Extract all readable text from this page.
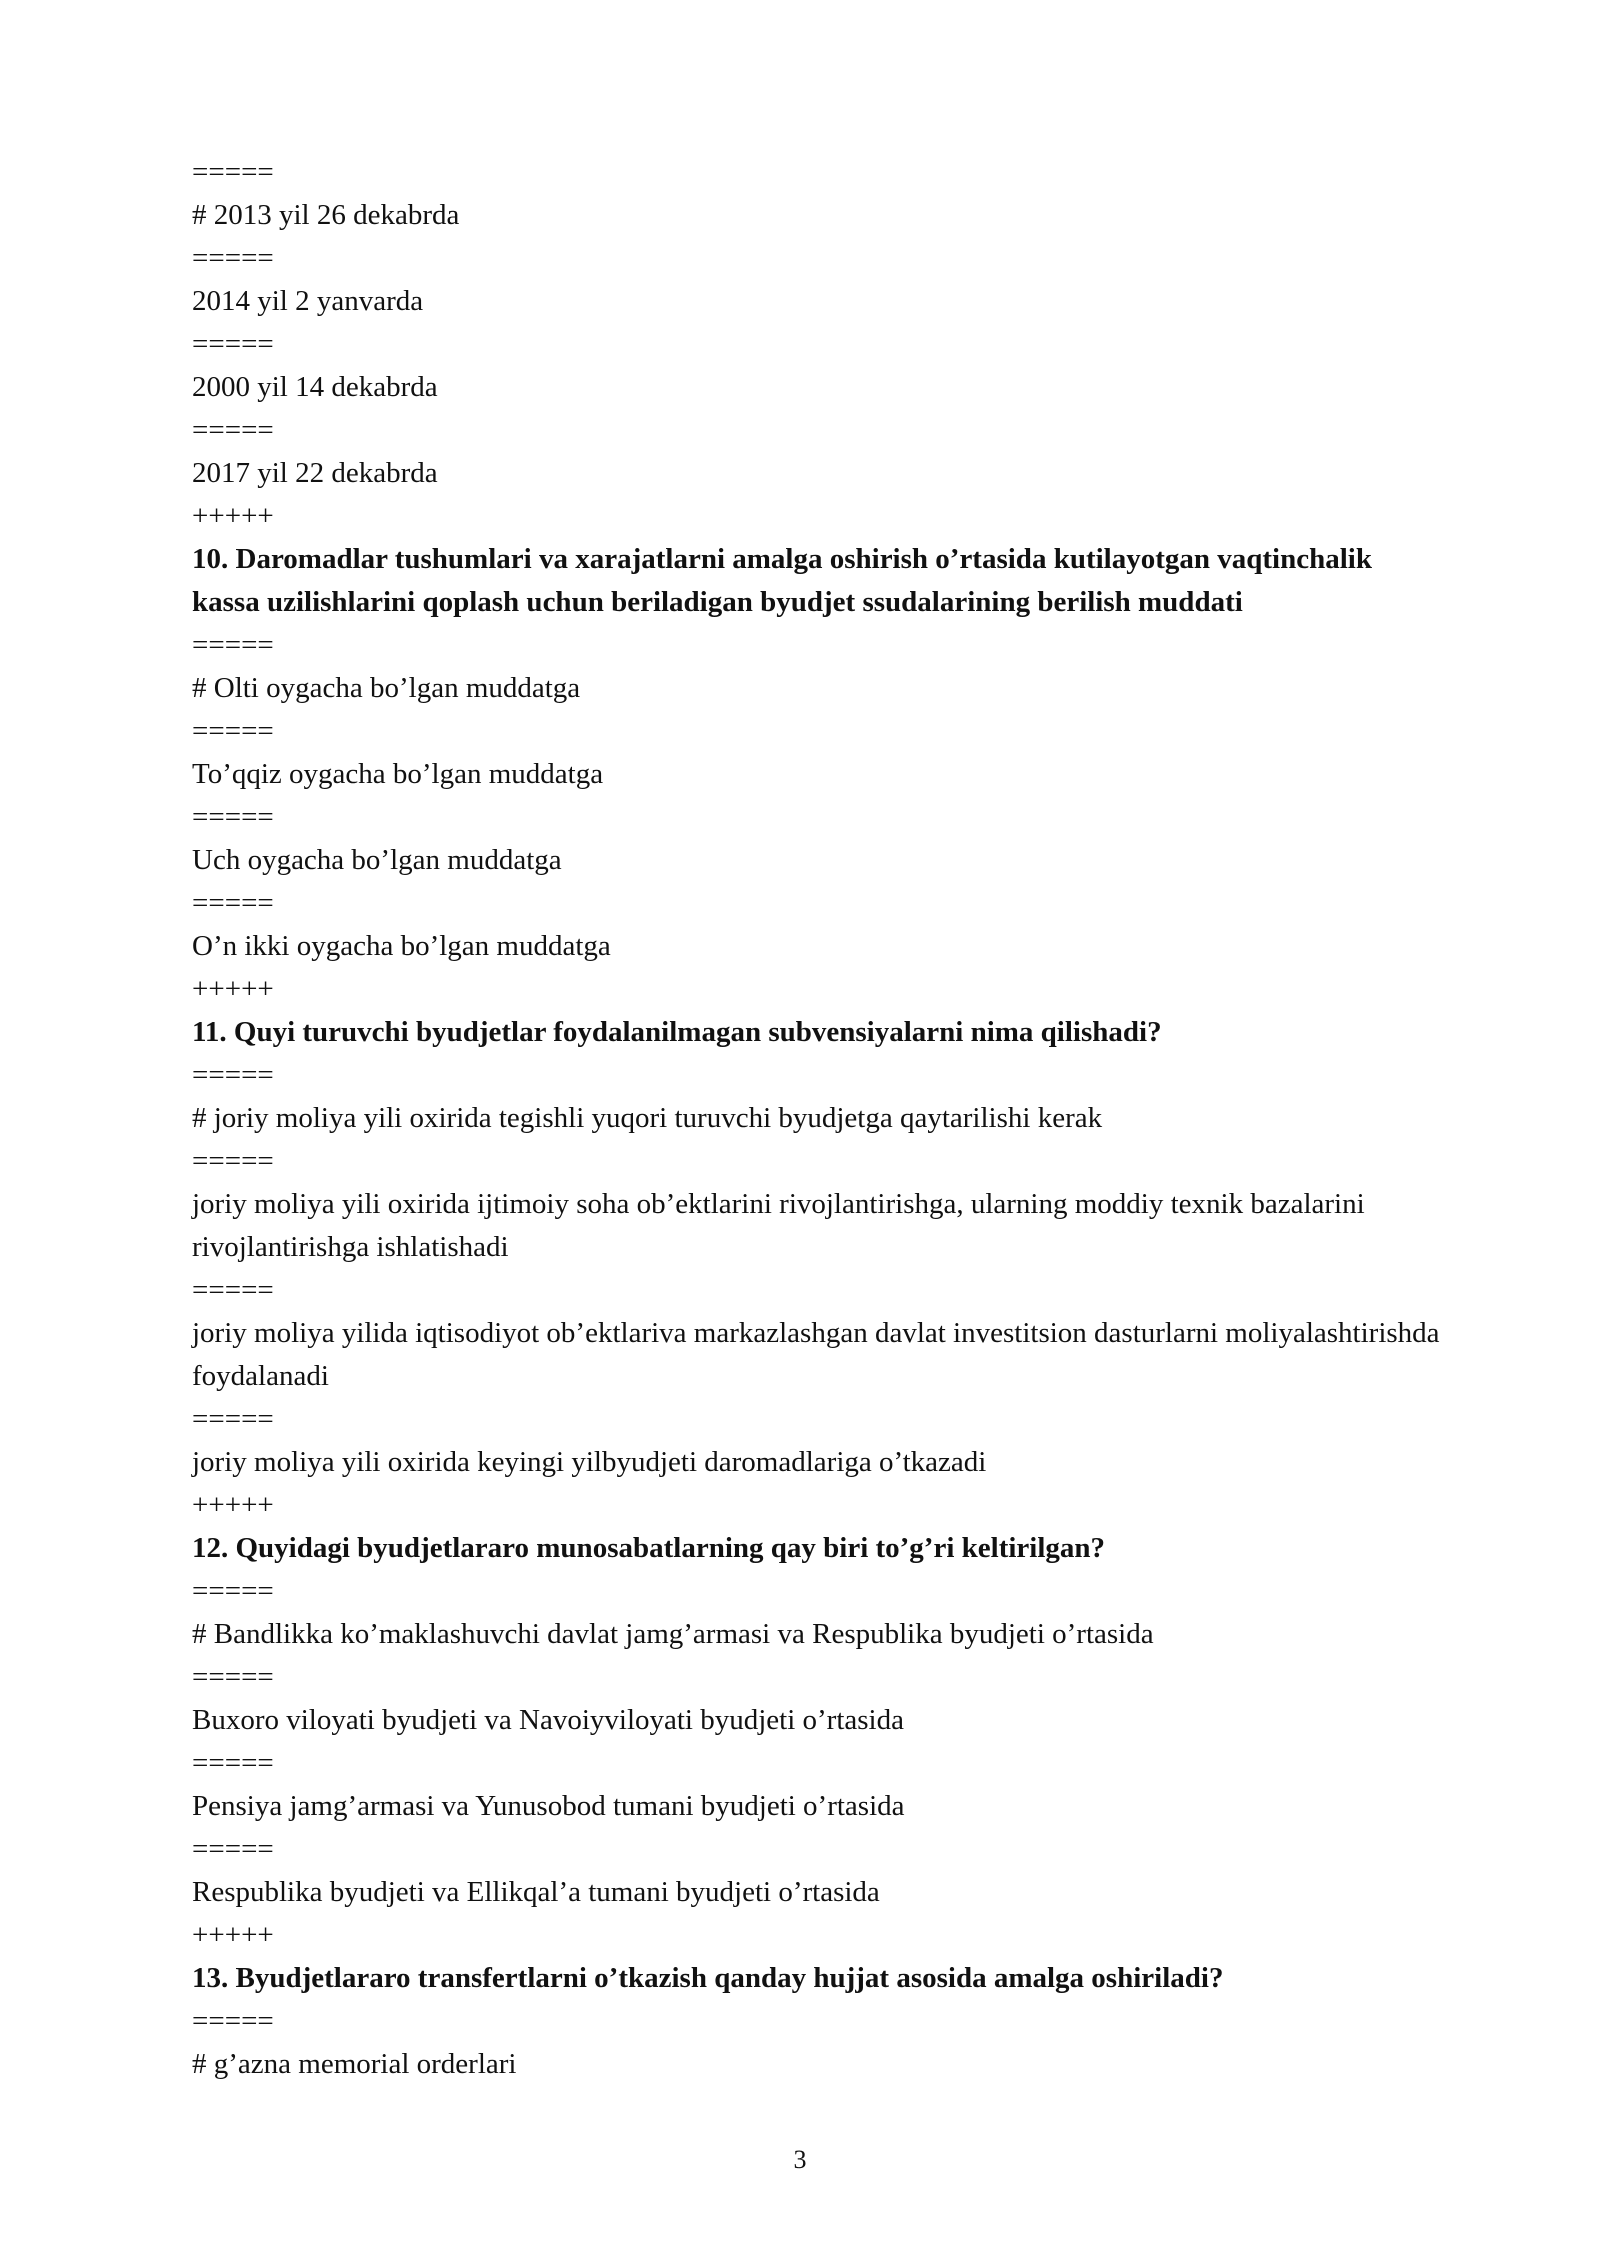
=====

# 2013 yil 26 dekabrda

=====

2014 yil 2 yanvarda

=====

2000 yil 14 dekabrda

=====

2017 yil 22 dekabrda

+++++

10. Daromadlar tushumlari va xarajatlarni amalga oshirish o’rtasida kutilayotgan vaqtinchalik kassa uzilishlarini qoplash uchun beriladigan byudjet ssudalarining berilish muddati

=====

# Olti oygacha bo’lgan muddatga

=====

To’qqiz oygacha bo’lgan muddatga

=====

Uch oygacha bo’lgan muddatga

=====

O’n ikki oygacha bo’lgan muddatga

+++++

11. Quyi turuvchi byudjetlar foydalanilmagan subvensiyalarni nima qilishadi?

=====

# joriy moliya yili oxirida tegishli yuqori turuvchi byudjetga qaytarilishi kerak

=====

joriy moliya yili oxirida ijtimoiy soha ob’ektlarini rivojlantirishga, ularning moddiy texnik bazalarini rivojlantirishga ishlatishadi

=====

joriy moliya yilida iqtisodiyot ob’ektlariva markazlashgan davlat investitsion dasturlarni moliyalashtirishda foydalanadi

=====

joriy moliya yili oxirida keyingi yilbyudjeti daromadlariga o’tkazadi

+++++

12. Quyidagi byudjetlararo munosabatlarning qay biri to’g’ri keltirilgan?

=====

# Bandlikka ko’maklashuvchi davlat jamg’armasi va Respublika byudjeti o’rtasida

=====

Buxoro viloyati byudjeti va Navoiyviloyati byudjeti o’rtasida

=====

Pensiya jamg’armasi va Yunusobod tumani byudjeti o’rtasida

=====

Respublika byudjeti va Ellikqal’a tumani byudjeti o’rtasida

+++++

13. Byudjetlararo transfertlarni o’tkazish qanday hujjat asosida amalga oshiriladi?

=====

# g’azna memorial orderlari

3
